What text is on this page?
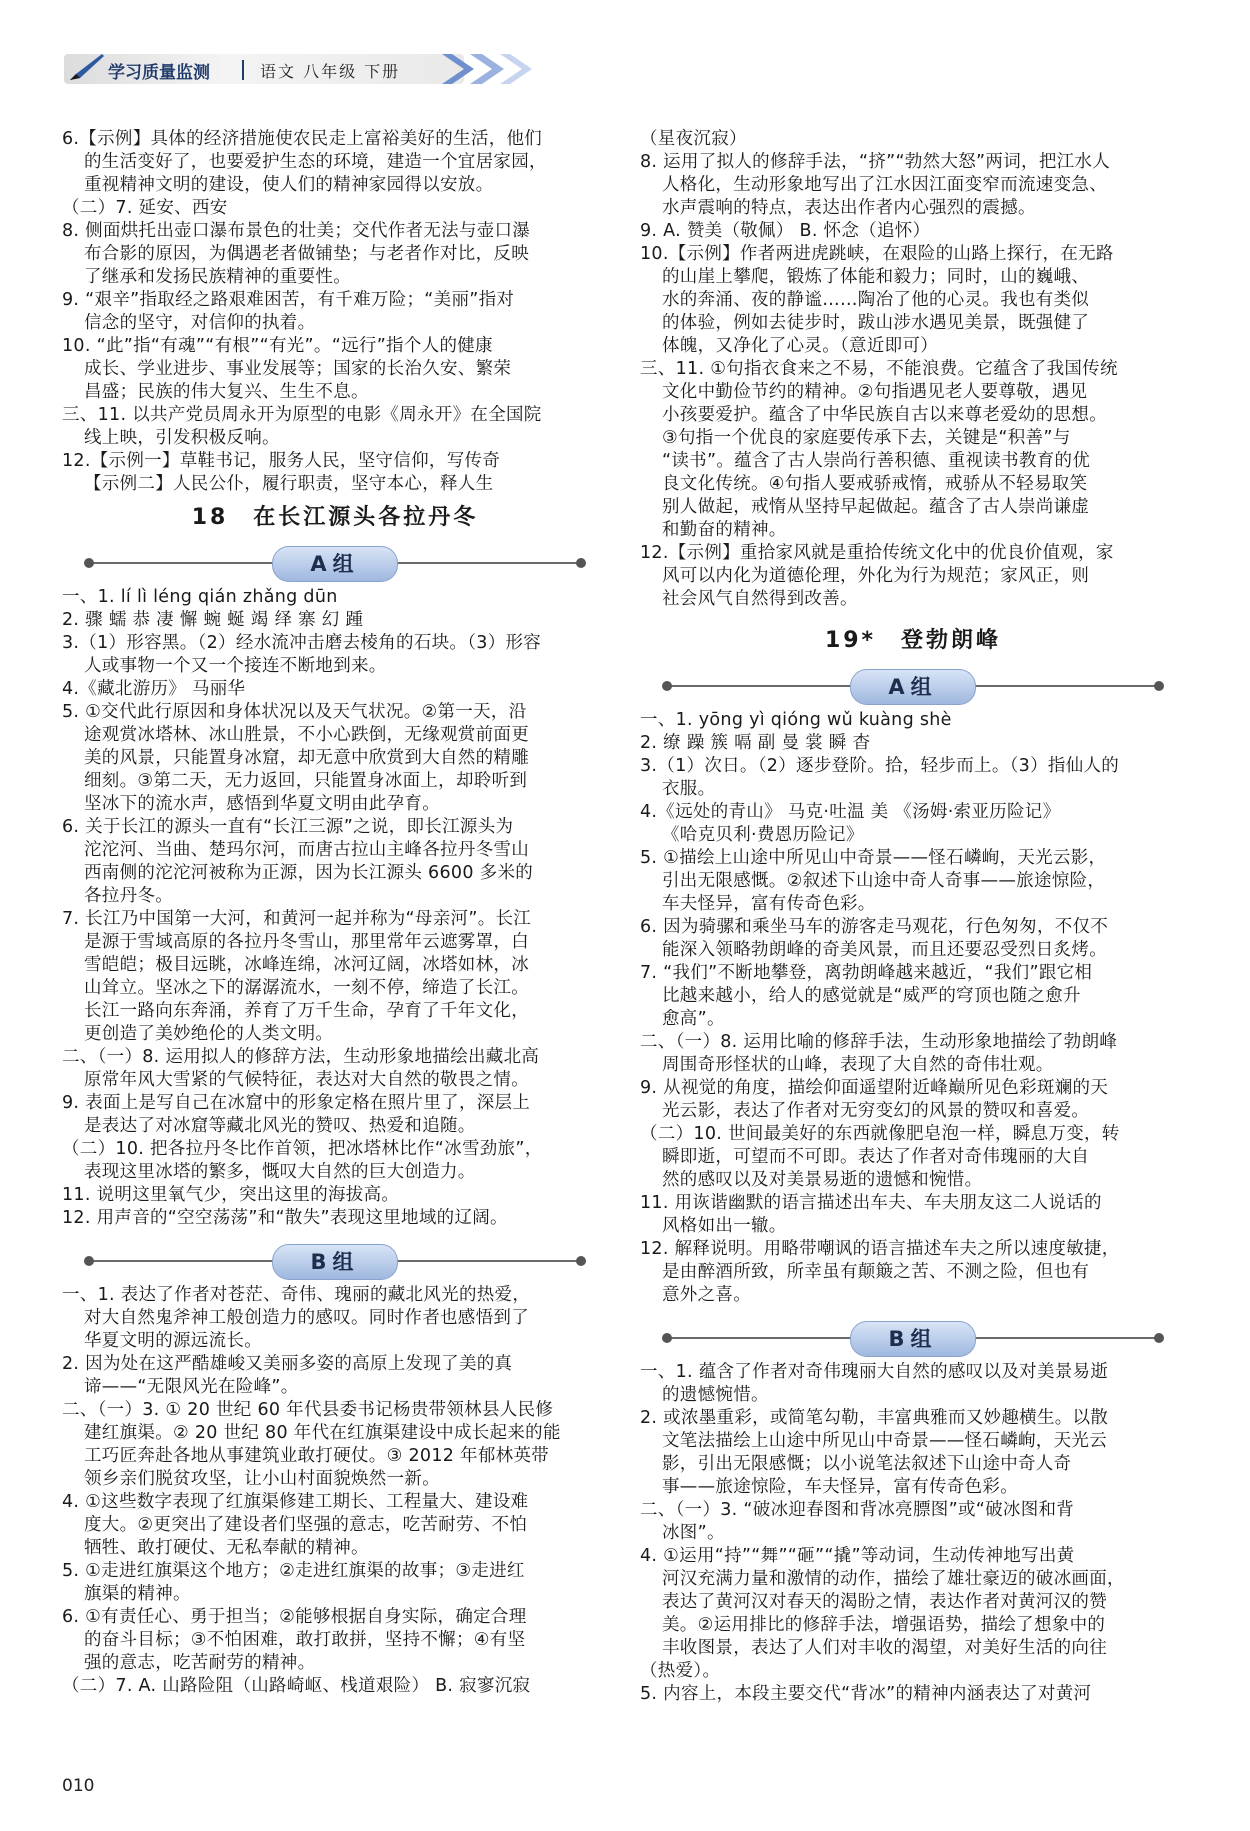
学习质量监测	语文 八年级 下册
6.【示例】具体的经济措施使农民走上富裕美好的生活，他们
的生活变好了，也要爱护生态的环境，建造一个宜居家园，
重视精神文明的建设，使人们的精神家园得以安放。
（二）7. 延安、西安
8. 侧面烘托出壶口瀑布景色的壮美；交代作者无法与壶口瀑
布合影的原因，为偶遇老者做铺垫；与老者作对比，反映
了继承和发扬民族精神的重要性。
9. “艰辛”指取经之路艰难困苦，有千难万险；“美丽”指对
信念的坚守，对信仰的执着。
10. “此”指“有魂”“有根”“有光”。“远行”指个人的健康
成长、学业进步、事业发展等；国家的长治久安、繁荣
昌盛；民族的伟大复兴、生生不息。
三、11. 以共产党员周永开为原型的电影《周永开》在全国院
线上映，引发积极反响。
12.【示例一】草鞋书记，服务人民，坚守信仰，写传奇
【示例二】人民公仆，履行职责，坚守本心，释人生
18　在长江源头各拉丹冬
A组
一、1. lí lì léng qián zhǎng dūn
2. 骤 蠕 恭 凄 懈 蜿 蜒 竭 绎 寨 幻 踵
3.（1）形容黑。（2）经水流冲击磨去棱角的石块。（3）形容
人或事物一个又一个接连不断地到来。
4.《藏北游历》 马丽华
5. ①交代此行原因和身体状况以及天气状况。②第一天，沿
途观赏冰塔林、冰山胜景，不小心跌倒，无缘观赏前面更
美的风景，只能置身冰窟，却无意中欣赏到大自然的精雕
细刻。③第二天，无力返回，只能置身冰面上，却聆听到
坚冰下的流水声，感悟到华夏文明由此孕育。
6. 关于长江的源头一直有“长江三源”之说，即长江源头为
沱沱河、当曲、楚玛尔河，而唐古拉山主峰各拉丹冬雪山
西南侧的沱沱河被称为正源，因为长江源头 6600 多米的
各拉丹冬。
7. 长江乃中国第一大河，和黄河一起并称为“母亲河”。长江
是源于雪域高原的各拉丹冬雪山，那里常年云遮雾罩，白
雪皑皑；极目远眺，冰峰连绵，冰河辽阔，冰塔如林，冰
山耸立。坚冰之下的潺潺流水，一刻不停，缔造了长江。
长江一路向东奔涌，养育了万千生命，孕育了千年文化，
更创造了美妙绝伦的人类文明。
二、（一）8. 运用拟人的修辞方法，生动形象地描绘出藏北高
原常年风大雪紧的气候特征，表达对大自然的敬畏之情。
9. 表面上是写自己在冰窟中的形象定格在照片里了，深层上
是表达了对冰窟等藏北风光的赞叹、热爱和追随。
（二）10. 把各拉丹冬比作首领，把冰塔林比作“冰雪劲旅”，
表现这里冰塔的繁多，慨叹大自然的巨大创造力。
11. 说明这里氧气少，突出这里的海拔高。
12. 用声音的“空空荡荡”和“散失”表现这里地域的辽阔。
B组
一、1. 表达了作者对苍茫、奇伟、瑰丽的藏北风光的热爱，
对大自然鬼斧神工般创造力的感叹。同时作者也感悟到了
华夏文明的源远流长。
2. 因为处在这严酷雄峻又美丽多姿的高原上发现了美的真
谛——“无限风光在险峰”。
二、（一）3. ① 20 世纪 60 年代县委书记杨贵带领林县人民修
建红旗渠。② 20 世纪 80 年代在红旗渠建设中成长起来的能
工巧匠奔赴各地从事建筑业敢打硬仗。③ 2012 年郁林英带
领乡亲们脱贫攻坚，让小山村面貌焕然一新。
4. ①这些数字表现了红旗渠修建工期长、工程量大、建设难
度大。②更突出了建设者们坚强的意志，吃苦耐劳、不怕
牺牲、敢打硬仗、无私奉献的精神。
5. ①走进红旗渠这个地方；②走进红旗渠的故事；③走进红
旗渠的精神。
6. ①有责任心、勇于担当；②能够根据自身实际，确定合理
的奋斗目标；③不怕困难，敢打敢拼，坚持不懈；④有坚
强的意志，吃苦耐劳的精神。
（二）7. A. 山路险阻（山路崎岖、栈道艰险） B. 寂寥沉寂
（星夜沉寂）
8. 运用了拟人的修辞手法，“挤”“勃然大怒”两词，把江水人
人格化，生动形象地写出了江水因江面变窄而流速变急、
水声震响的特点，表达出作者内心强烈的震撼。
9. A. 赞美（敬佩） B. 怀念（追怀）
10.【示例】作者两进虎跳峡，在艰险的山路上探行，在无路
的山崖上攀爬，锻炼了体能和毅力；同时，山的巍峨、
水的奔涌、夜的静谧……陶冶了他的心灵。我也有类似
的体验，例如去徒步时，跋山涉水遇见美景，既强健了
体魄，又净化了心灵。（意近即可）
三、11. ①句指衣食来之不易，不能浪费。它蕴含了我国传统
文化中勤俭节约的精神。②句指遇见老人要尊敬，遇见
小孩要爱护。蕴含了中华民族自古以来尊老爱幼的思想。
③句指一个优良的家庭要传承下去，关键是“积善”与
“读书”。蕴含了古人崇尚行善积德、重视读书教育的优
良文化传统。④句指人要戒骄戒惰，戒骄从不轻易取笑
别人做起，戒惰从坚持早起做起。蕴含了古人崇尚谦虚
和勤奋的精神。
12.【示例】重拾家风就是重拾传统文化中的优良价值观，家
风可以内化为道德伦理，外化为行为规范；家风正，则
社会风气自然得到改善。
19*　登勃朗峰
A组
一、1. yōng yì qióng wǔ kuàng shè
2. 缭 躁 簇 嗝 副 曼 裳 瞬 杳
3.（1）次日。（2）逐步登阶。拾，轻步而上。（3）指仙人的
衣服。
4.《远处的青山》 马克·吐温 美 《汤姆·索亚历险记》
《哈克贝利·费恩历险记》
5. ①描绘上山途中所见山中奇景——怪石嶙峋，天光云影，
引出无限感慨。②叙述下山途中奇人奇事——旅途惊险，
车夫怪异，富有传奇色彩。
6. 因为骑骡和乘坐马车的游客走马观花，行色匆匆，不仅不
能深入领略勃朗峰的奇美风景，而且还要忍受烈日炙烤。
7. “我们”不断地攀登，离勃朗峰越来越近，“我们”跟它相
比越来越小，给人的感觉就是“威严的穹顶也随之愈升
愈高”。
二、（一）8. 运用比喻的修辞手法，生动形象地描绘了勃朗峰
周围奇形怪状的山峰，表现了大自然的奇伟壮观。
9. 从视觉的角度，描绘仰面遥望附近峰巅所见色彩斑斓的天
光云影，表达了作者对无穷变幻的风景的赞叹和喜爱。
（二）10. 世间最美好的东西就像肥皂泡一样，瞬息万变，转
瞬即逝，可望而不可即。表达了作者对奇伟瑰丽的大自
然的感叹以及对美景易逝的遗憾和惋惜。
11. 用诙谐幽默的语言描述出车夫、车夫朋友这二人说话的
风格如出一辙。
12. 解释说明。用略带嘲讽的语言描述车夫之所以速度敏捷，
是由醉酒所致，所幸虽有颠簸之苦、不测之险，但也有
意外之喜。
B组
一、1. 蕴含了作者对奇伟瑰丽大自然的感叹以及对美景易逝
的遗憾惋惜。
2. 或浓墨重彩，或简笔勾勒，丰富典雅而又妙趣横生。以散
文笔法描绘上山途中所见山中奇景——怪石嶙峋，天光云
影，引出无限感慨；以小说笔法叙述下山途中奇人奇
事——旅途惊险，车夫怪异，富有传奇色彩。
二、（一）3. “破冰迎春图和背冰亮膘图”或“破冰图和背
冰图”。
4. ①运用“持”“舞”“砸”“撬”等动词，生动传神地写出黄
河汉充满力量和激情的动作，描绘了雄壮豪迈的破冰画面，
表达了黄河汉对春天的渴盼之情，表达作者对黄河汉的赞
美。②运用排比的修辞手法，增强语势，描绘了想象中的
丰收图景，表达了人们对丰收的渴望，对美好生活的向往
（热爱）。
5. 内容上，本段主要交代“背冰”的精神内涵表达了对黄河
010
